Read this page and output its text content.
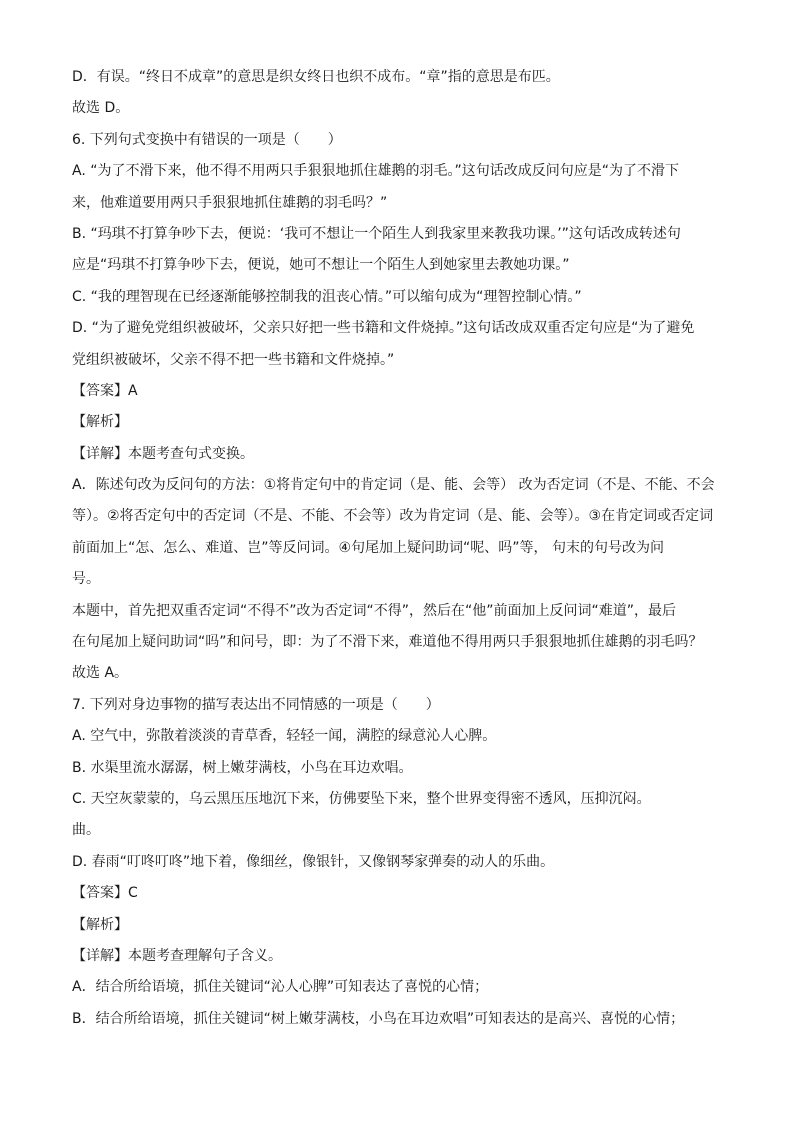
D．有误。“终日不成章”的意思是织女终日也织不成布。“章”指的意思是布匹。
故选 D。
6. 下列句式变换中有错误的一项是（　　）
A. “为了不滑下来，他不得不用两只手狠狠地抓住雄鹅的羽毛。”这句话改成反问句应是“为了不滑下
来，他难道要用两只手狠狠地抓住雄鹅的羽毛吗？”
B. “玛琪不打算争吵下去，便说：‘我可不想让一个陌生人到我家里来教我功课。’”这句话改成转述句
应是“玛琪不打算争吵下去，便说，她可不想让一个陌生人到她家里去教她功课。”
C. “我的理智现在已经逐渐能够控制我的沮丧心情。”可以缩句成为“理智控制心情。”
D. “为了避免党组织被破坏，父亲只好把一些书籍和文件烧掉。”这句话改成双重否定句应是“为了避免
党组织被破坏，父亲不得不把一些书籍和文件烧掉。”
【答案】A
【解析】
【详解】本题考查句式变换。
A．陈述句改为反问句的方法：①将肯定句中的肯定词（是、能、会等） 改为否定词（不是、不能、不会
等）。②将否定句中的否定词（不是、不能、不会等）改为肯定词（是、能、会等）。③在肯定词或否定词
前面加上“怎、怎么、难道、岂”等反问词。④句尾加上疑问助词“呢、吗”等， 句末的句号改为问
号。
本题中，首先把双重否定词“不得不”改为否定词“不得”，然后在“他”前面加上反问词“难道”，最后
在句尾加上疑问助词“吗”和问号，即：为了不滑下来，难道他不得用两只手狠狠地抓住雄鹅的羽毛吗？
故选 A。
7. 下列对身边事物的描写表达出不同情感的一项是（　　）
A. 空气中，弥散着淡淡的青草香，轻轻一闻，满腔的绿意沁人心脾。
B. 水渠里流水潺潺，树上嫩芽满枝，小鸟在耳边欢唱。
C. 天空灰蒙蒙的，乌云黑压压地沉下来，仿佛要坠下来，整个世界变得密不透风，压抑沉闷。
曲。
D. 春雨“叮咚叮咚”地下着，像细丝，像银针，又像钢琴家弹奏的动人的乐曲。
【答案】C
【解析】
【详解】本题考查理解句子含义。
A．结合所给语境，抓住关键词“沁人心脾”可知表达了喜悦的心情；
B．结合所给语境，抓住关键词“树上嫩芽满枝，小鸟在耳边欢唱”可知表达的是高兴、喜悦的心情；
